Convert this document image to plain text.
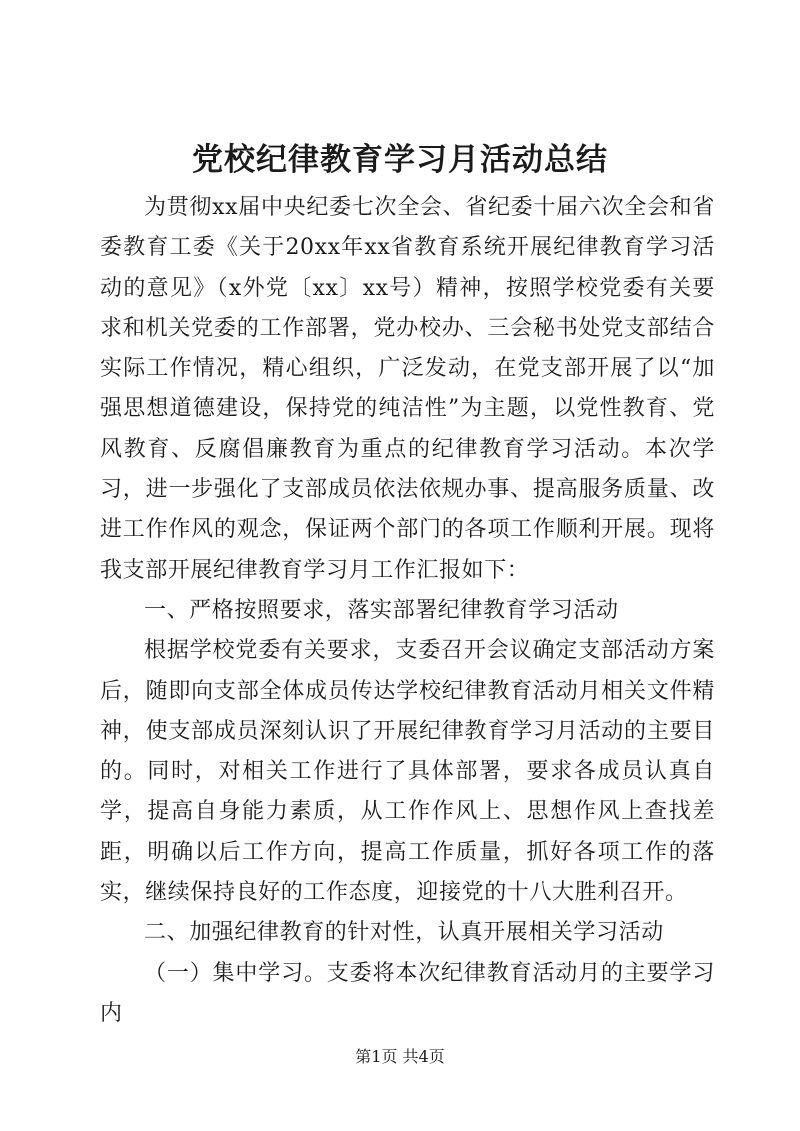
党校纪律教育学习月活动总结

为贯彻xx届中央纪委七次全会、省纪委十届六次全会和省委教育工委《关于20xx年xx省教育系统开展纪律教育学习活动的意见》（x外党〔xx〕xx号）精神，按照学校党委有关要求和机关党委的工作部署，党办校办、三会秘书处党支部结合实际工作情况，精心组织，广泛发动，在党支部开展了以“加强思想道德建设，保持党的纯洁性”为主题，以党性教育、党风教育、反腐倡廉教育为重点的纪律教育学习活动。本次学习，进一步强化了支部成员依法依规办事、提高服务质量、改进工作作风的观念，保证两个部门的各项工作顺利开展。现将我支部开展纪律教育学习月工作汇报如下：

一、严格按照要求，落实部署纪律教育学习活动

根据学校党委有关要求，支委召开会议确定支部活动方案后，随即向支部全体成员传达学校纪律教育活动月相关文件精神，使支部成员深刻认识了开展纪律教育学习月活动的主要目的。同时，对相关工作进行了具体部署，要求各成员认真自学，提高自身能力素质，从工作作风上、思想作风上查找差距，明确以后工作方向，提高工作质量，抓好各项工作的落实，继续保持良好的工作态度，迎接党的十八大胜利召开。

二、加强纪律教育的针对性，认真开展相关学习活动

（一）集中学习。支委将本次纪律教育活动月的主要学习内

第1页 共4页
